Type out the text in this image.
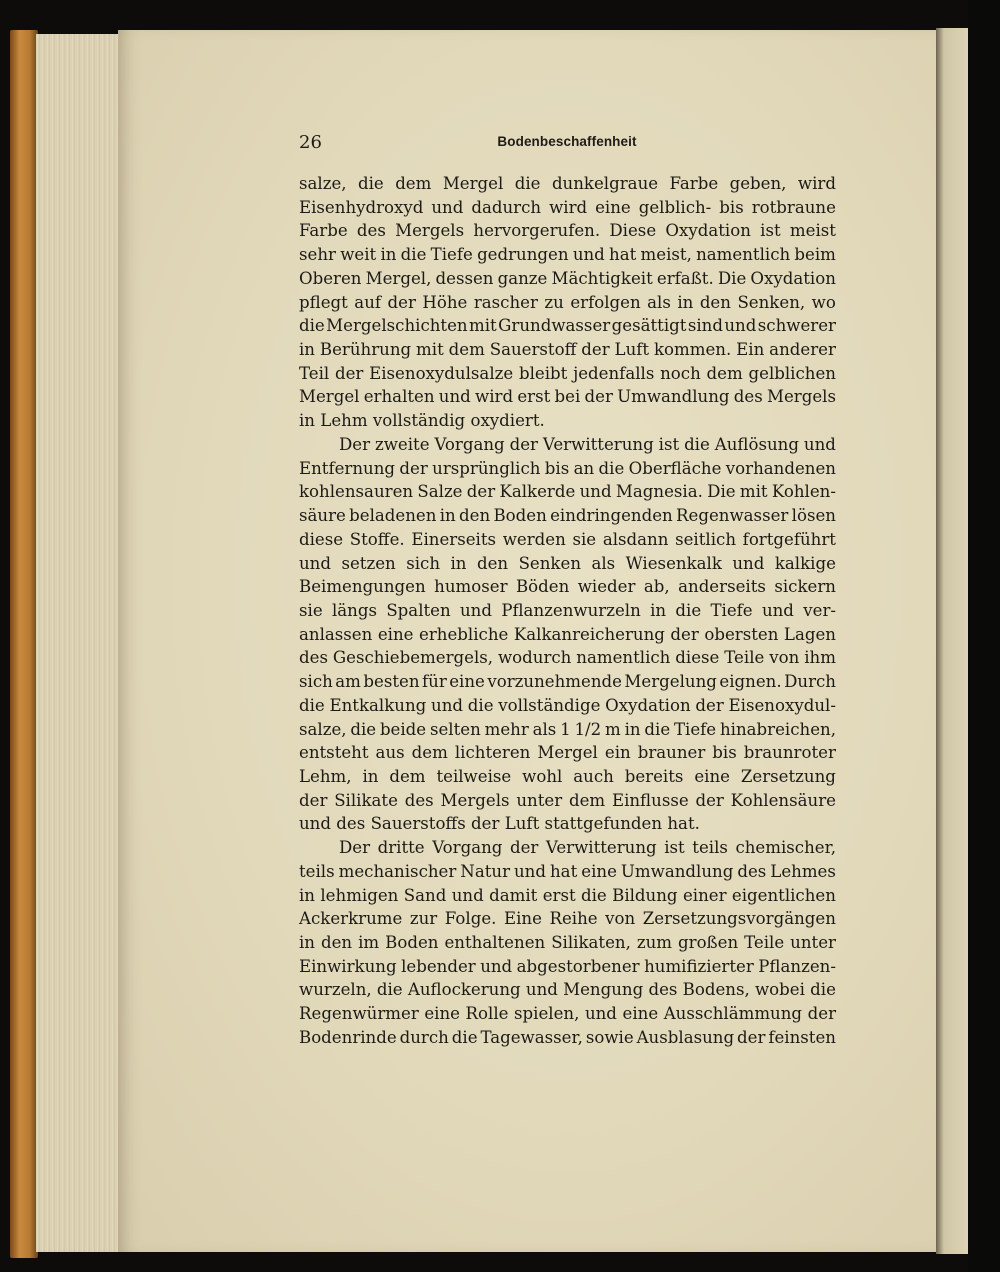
26	Bodenbeschaffenheit
salze, die dem Mergel die dunkelgraue Farbe geben, wird
Eisenhydroxyd und dadurch wird eine gelblich- bis rotbraune
Farbe des Mergels hervorgerufen. Diese Oxydation ist meist
sehr weit in die Tiefe gedrungen und hat meist, namentlich beim
Oberen Mergel, dessen ganze Mächtigkeit erfaßt. Die Oxydation
pflegt auf der Höhe rascher zu erfolgen als in den Senken, wo
die Mergelschichten mit Grundwasser gesättigt sind und schwerer
in Berührung mit dem Sauerstoff der Luft kommen. Ein anderer
Teil der Eisenoxydulsalze bleibt jedenfalls noch dem gelblichen
Mergel erhalten und wird erst bei der Umwandlung des Mergels
in Lehm vollständig oxydiert.
Der zweite Vorgang der Verwitterung ist die Auflösung und
Entfernung der ursprünglich bis an die Oberfläche vorhandenen
kohlensauren Salze der Kalkerde und Magnesia. Die mit Kohlen-
säure beladenen in den Boden eindringenden Regenwasser lösen
diese Stoffe. Einerseits werden sie alsdann seitlich fortgeführt
und setzen sich in den Senken als Wiesenkalk und kalkige
Beimengungen humoser Böden wieder ab, anderseits sickern
sie längs Spalten und Pflanzenwurzeln in die Tiefe und ver-
anlassen eine erhebliche Kalkanreicherung der obersten Lagen
des Geschiebemergels, wodurch namentlich diese Teile von ihm
sich am besten für eine vorzunehmende Mergelung eignen. Durch
die Entkalkung und die vollständige Oxydation der Eisenoxydul-
salze, die beide selten mehr als 1 1/2 m in die Tiefe hinabreichen,
entsteht aus dem lichteren Mergel ein brauner bis braunroter
Lehm, in dem teilweise wohl auch bereits eine Zersetzung
der Silikate des Mergels unter dem Einflusse der Kohlensäure
und des Sauerstoffs der Luft stattgefunden hat.
Der dritte Vorgang der Verwitterung ist teils chemischer,
teils mechanischer Natur und hat eine Umwandlung des Lehmes
in lehmigen Sand und damit erst die Bildung einer eigentlichen
Ackerkrume zur Folge. Eine Reihe von Zersetzungsvorgängen
in den im Boden enthaltenen Silikaten, zum großen Teile unter
Einwirkung lebender und abgestorbener humifizierter Pflanzen-
wurzeln, die Auflockerung und Mengung des Bodens, wobei die
Regenwürmer eine Rolle spielen, und eine Ausschlämmung der
Bodenrinde durch die Tagewasser, sowie Ausblasung der feinsten
